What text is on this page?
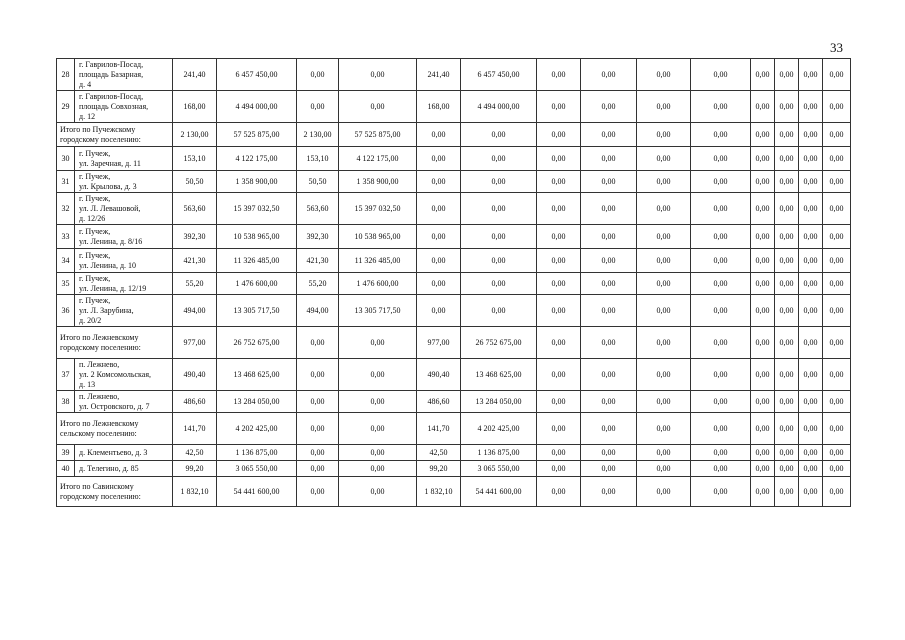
33
28	г. Гаврилов-Посад,
площадь Базарная,
д. 4	241,40	6 457 450,00	0,00	0,00	241,40	6 457 450,00	0,00	0,00	0,00	0,00	0,00	0,00	0,00	0,00
29	г. Гаврилов-Посад,
площадь Совхозная,
д. 12	168,00	4 494 000,00	0,00	0,00	168,00	4 494 000,00	0,00	0,00	0,00	0,00	0,00	0,00	0,00	0,00

Итого по Пучежскому
городскому поселению:		2 130,00	57 525 875,00	2 130,00	57 525 875,00	0,00	0,00	0,00	0,00	0,00	0,00	0,00	0,00	0,00	0,00
30	г. Пучеж,
ул. Заречная, д. 11	153,10	4 122 175,00	153,10	4 122 175,00	0,00	0,00	0,00	0,00	0,00	0,00	0,00	0,00	0,00	0,00
31	г. Пучеж,
ул. Крылова, д. 3	50,50	1 358 900,00	50,50	1 358 900,00	0,00	0,00	0,00	0,00	0,00	0,00	0,00	0,00	0,00	0,00
32	г. Пучеж,
ул. Л. Левашовой,
д. 12/26	563,60	15 397 032,50	563,60	15 397 032,50	0,00	0,00	0,00	0,00	0,00	0,00	0,00	0,00	0,00	0,00
33	г. Пучеж,
ул. Ленина, д. 8/16	392,30	10 538 965,00	392,30	10 538 965,00	0,00	0,00	0,00	0,00	0,00	0,00	0,00	0,00	0,00	0,00
34	г. Пучеж,
ул. Ленина, д. 10	421,30	11 326 485,00	421,30	11 326 485,00	0,00	0,00	0,00	0,00	0,00	0,00	0,00	0,00	0,00	0,00
35	г. Пучеж,
ул. Ленина, д. 12/19	55,20	1 476 600,00	55,20	1 476 600,00	0,00	0,00	0,00	0,00	0,00	0,00	0,00	0,00	0,00	0,00
36	г. Пучеж,
ул. Л. Зарубина,
д. 20/2	494,00	13 305 717,50	494,00	13 305 717,50	0,00	0,00	0,00	0,00	0,00	0,00	0,00	0,00	0,00	0,00

Итого по Лежневскому
городскому поселению:		977,00	26 752 675,00	0,00	0,00	977,00	26 752 675,00	0,00	0,00	0,00	0,00	0,00	0,00	0,00	0,00
37	п. Лежнево,
ул. 2 Комсомольская,
д. 13	490,40	13 468 625,00	0,00	0,00	490,40	13 468 625,00	0,00	0,00	0,00	0,00	0,00	0,00	0,00	0,00
38	п. Лежнево,
ул. Островского, д. 7	486,60	13 284 050,00	0,00	0,00	486,60	13 284 050,00	0,00	0,00	0,00	0,00	0,00	0,00	0,00	0,00

Итого по Лежневскому
сельскому поселению:		141,70	4 202 425,00	0,00	0,00	141,70	4 202 425,00	0,00	0,00	0,00	0,00	0,00	0,00	0,00	0,00
39	д. Клементьево, д. 3	42,50	1 136 875,00	0,00	0,00	42,50	1 136 875,00	0,00	0,00	0,00	0,00	0,00	0,00	0,00	0,00
40	д. Телегино, д. 85	99,20	3 065 550,00	0,00	0,00	99,20	3 065 550,00	0,00	0,00	0,00	0,00	0,00	0,00	0,00	0,00

Итого по Савинскому
городскому поселению:		1 832,10	54 441 600,00	0,00	0,00	1 832,10	54 441 600,00	0,00	0,00	0,00	0,00	0,00	0,00	0,00	0,00
